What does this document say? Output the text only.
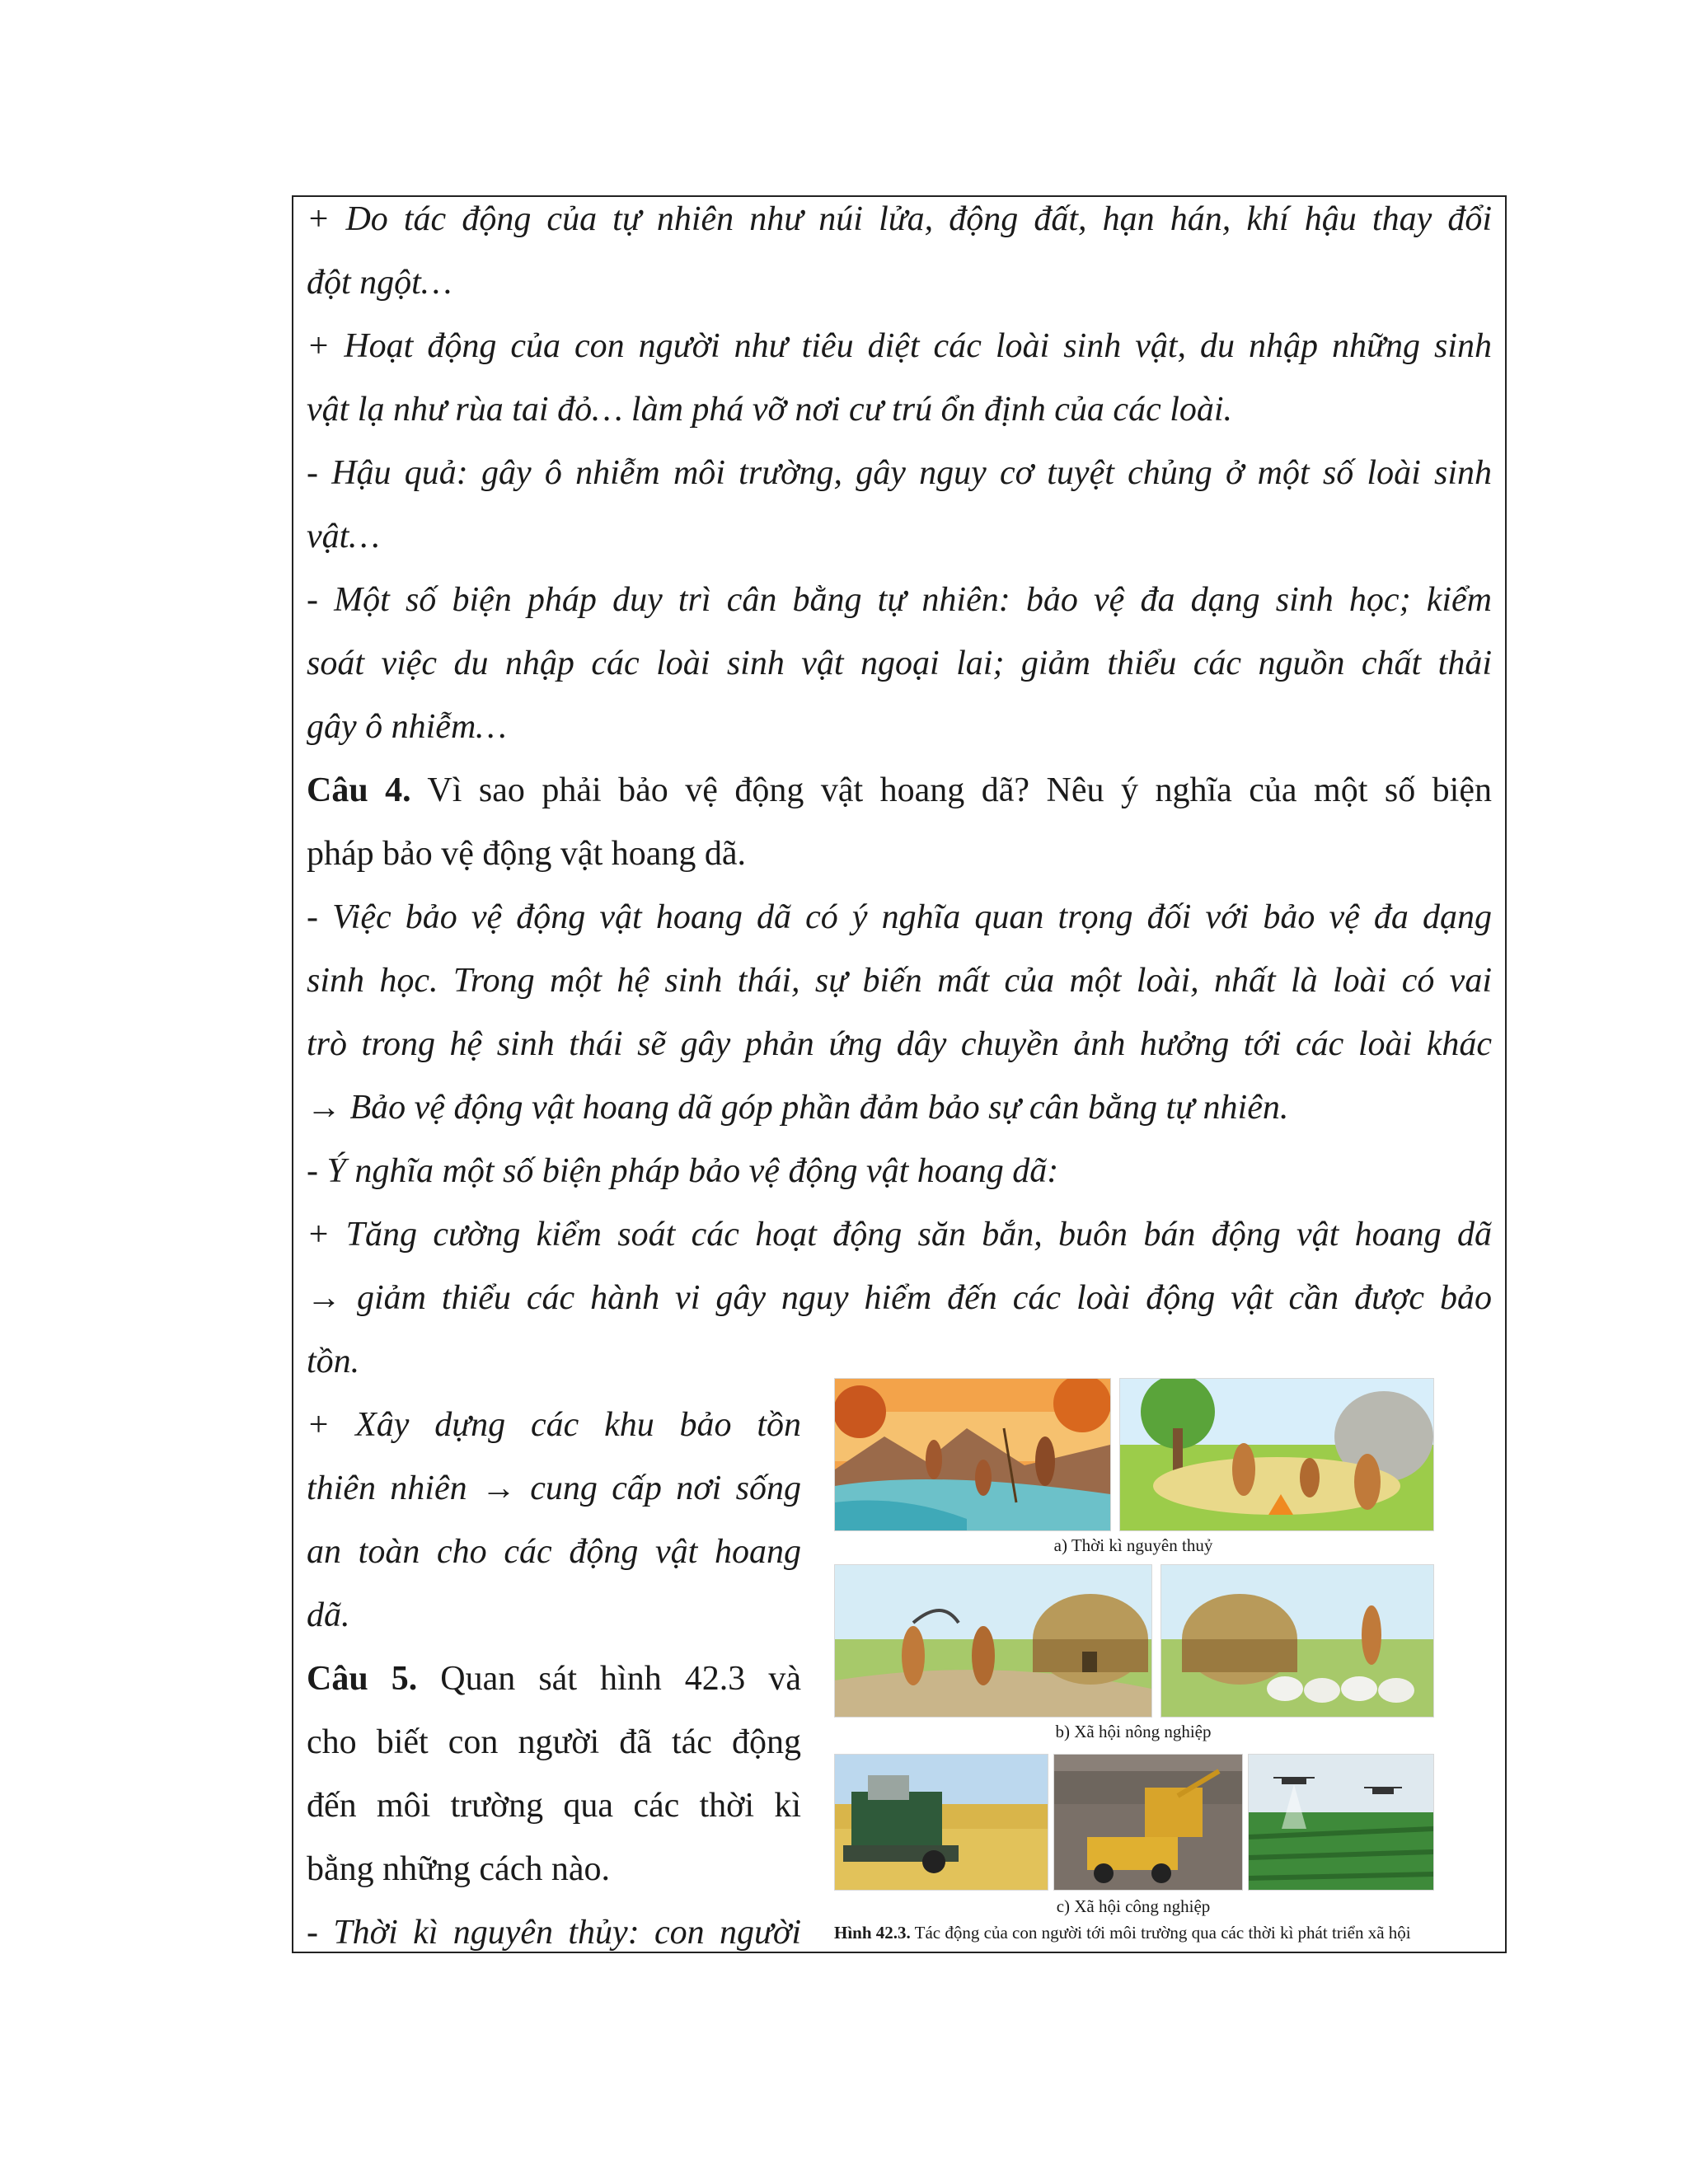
+ Do tác động của tự nhiên như núi lửa, động đất, hạn hán, khí hậu thay đổi
đột ngột…
+ Hoạt động của con người như tiêu diệt các loài sinh vật, du nhập những sinh
vật lạ như rùa tai đỏ… làm phá vỡ nơi cư trú ổn định của các loài.
- Hậu quả: gây ô nhiễm môi trường, gây nguy cơ tuyệt chủng ở một số loài sinh
vật…
- Một số biện pháp duy trì cân bằng tự nhiên: bảo vệ đa dạng sinh học; kiểm
soát việc du nhập các loài sinh vật ngoại lai; giảm thiểu các nguồn chất thải
gây ô nhiễm…
Câu 4. Vì sao phải bảo vệ động vật hoang dã? Nêu ý nghĩa của một số biện
pháp bảo vệ động vật hoang dã.
- Việc bảo vệ động vật hoang dã có ý nghĩa quan trọng đối với bảo vệ đa dạng
sinh học. Trong một hệ sinh thái, sự biến mất của một loài, nhất là loài có vai
trò trong hệ sinh thái sẽ gây phản ứng dây chuyền ảnh hưởng tới các loài khác
→ Bảo vệ động vật hoang dã góp phần đảm bảo sự cân bằng tự nhiên.
- Ý nghĩa một số biện pháp bảo vệ động vật hoang dã:
+ Tăng cường kiểm soát các hoạt động săn bắn, buôn bán động vật hoang dã
→ giảm thiểu các hành vi gây nguy hiểm đến các loài động vật cần được bảo
tồn.
+ Xây dựng các khu bảo tồn
thiên nhiên → cung cấp nơi sống
an toàn cho các động vật hoang
dã.
Câu 5. Quan sát hình 42.3 và
cho biết con người đã tác động
đến môi trường qua các thời kì
bằng những cách nào.
- Thời kì nguyên thủy: con người
a) Thời kì nguyên thuỷ
b) Xã hội nông nghiệp
c) Xã hội công nghiệp
Hình 42.3. Tác động của con người tới môi trường qua các thời kì phát triển xã hội
